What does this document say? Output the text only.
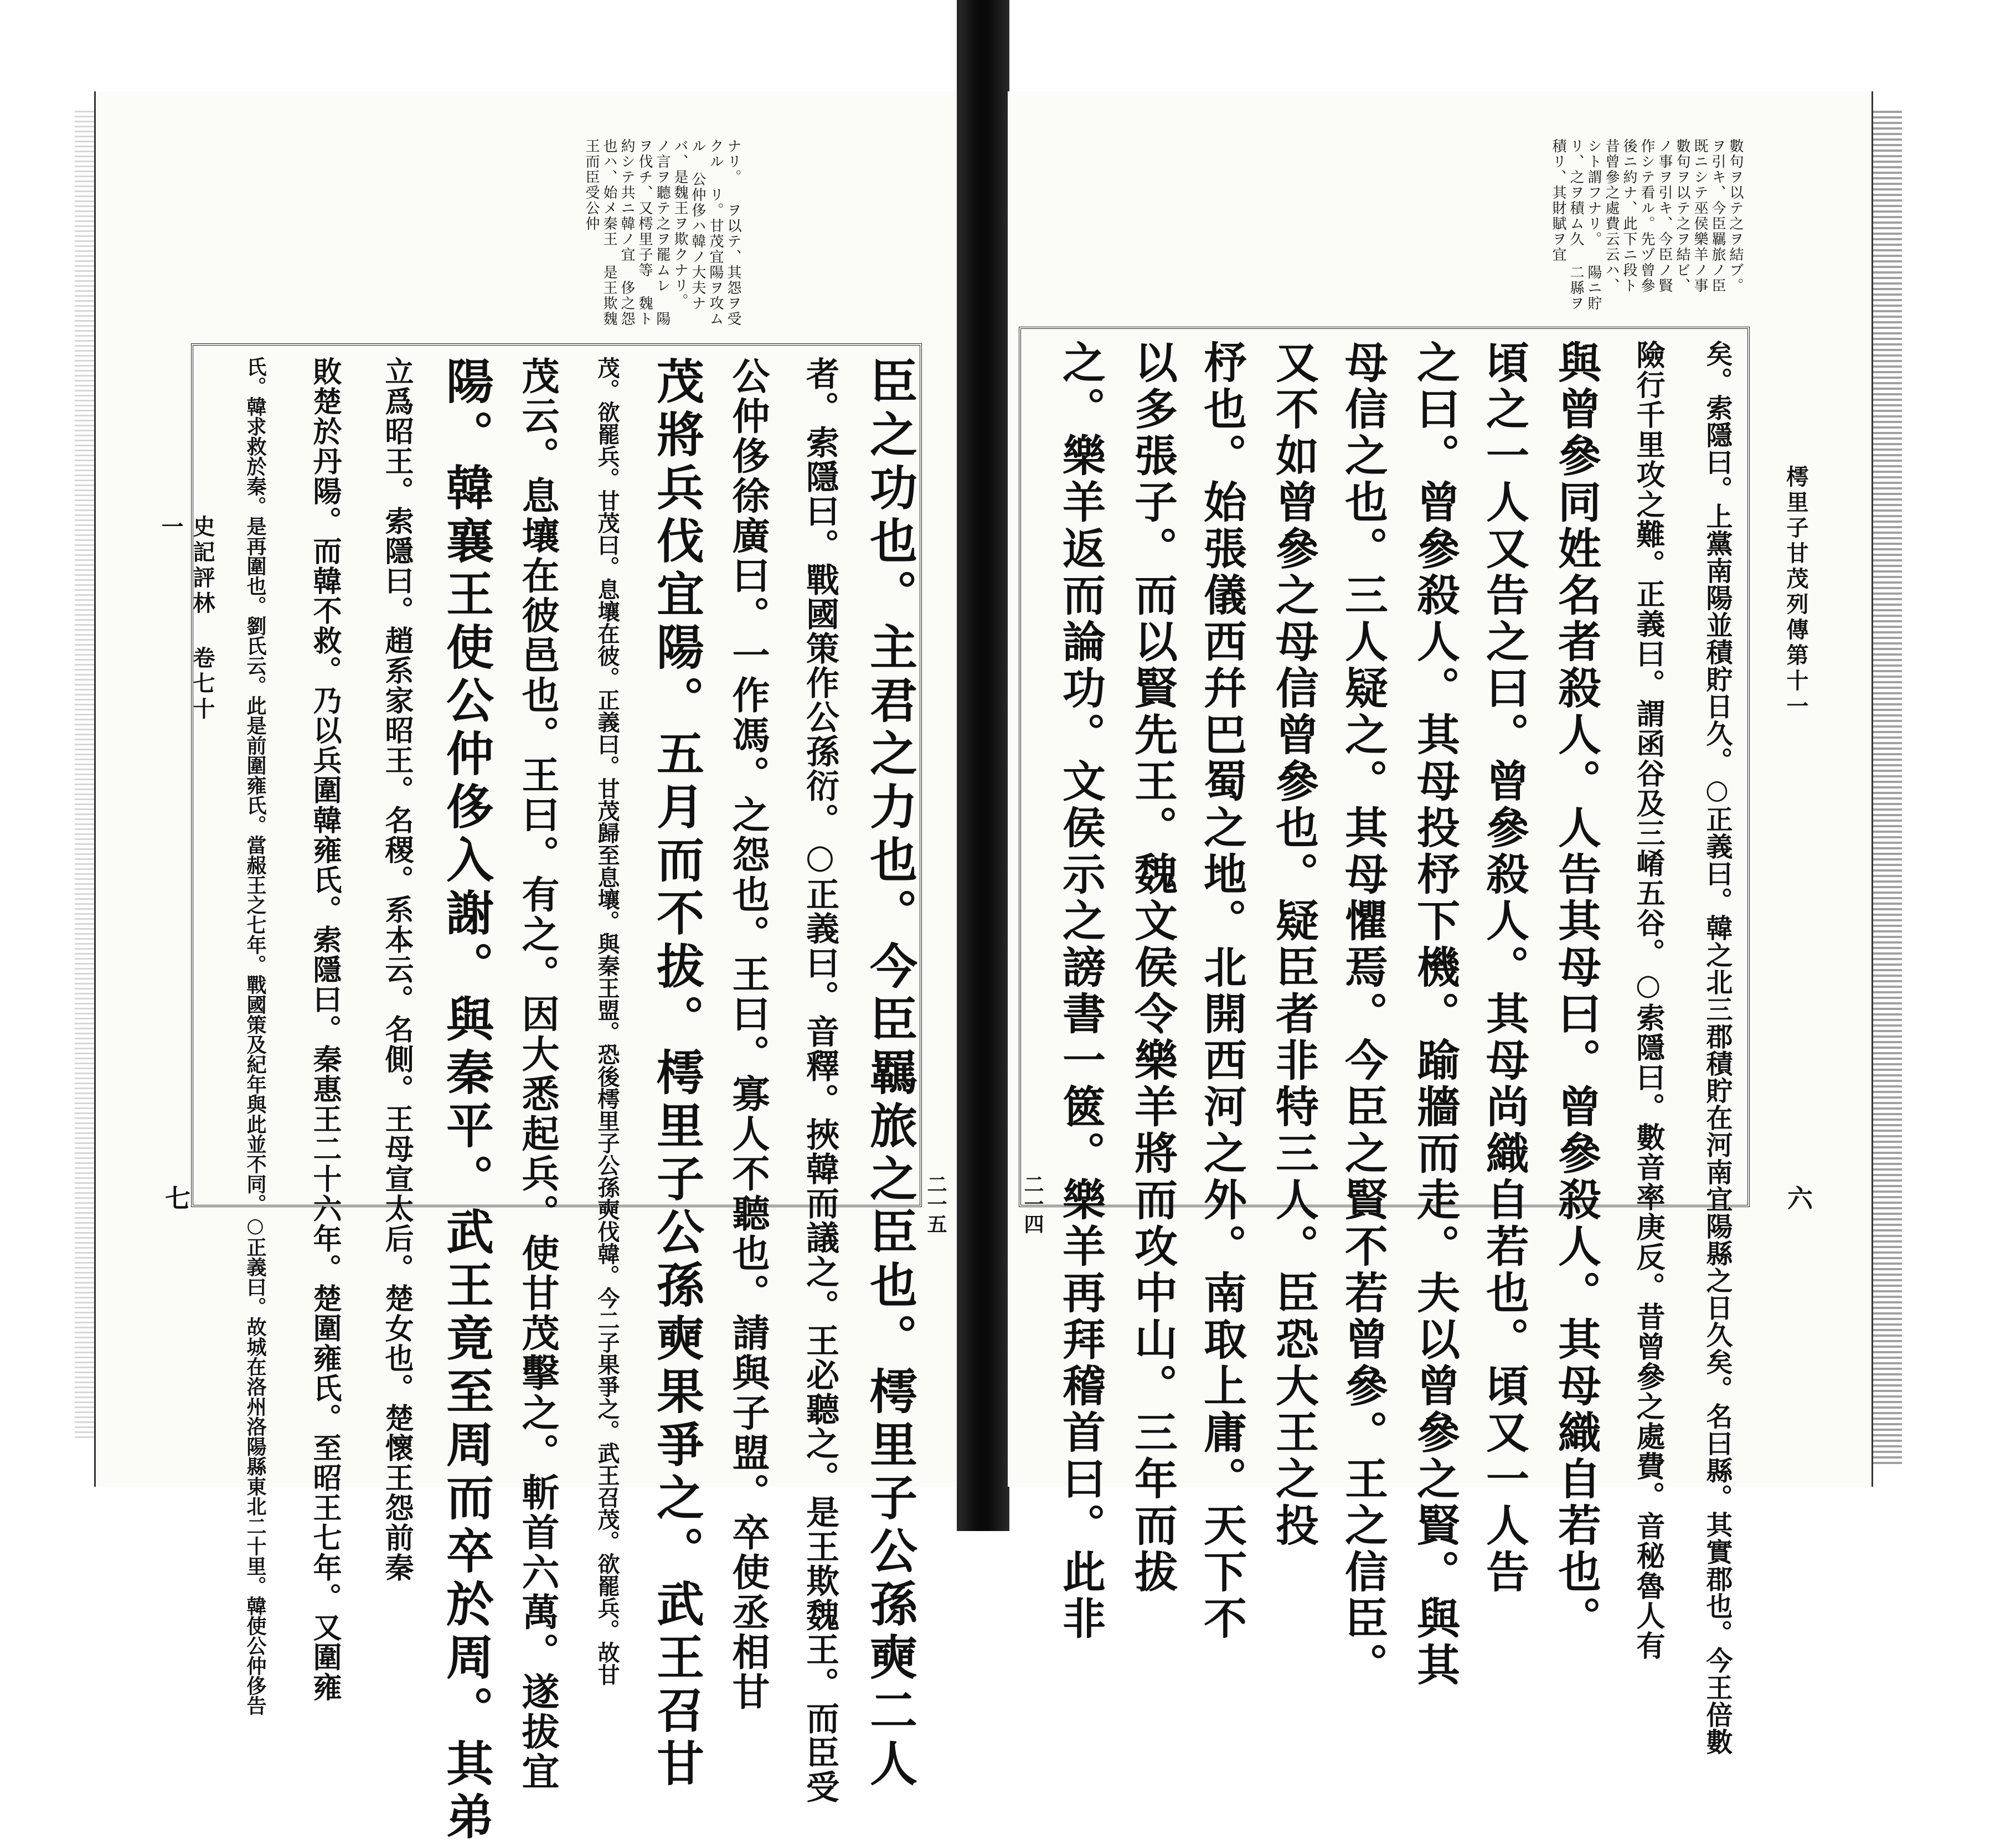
ナリ。 ヲ以テ、其怨ヲ受クル リ。甘茂宜陽ヲ攻ムル 公仲侈ハ韓ノ大夫ナ バ、是魏王ヲ欺クナリ。 ノ言ヲ聽テ之ヲ罷ムレ 陽ヲ伐チ、又樗里子等 魏ト約シテ共ニ韓ノ宜 侈之怨也ハ、始メ秦王 是王欺魏王而臣受公仲
史記評林 卷七十一
七	二一五
臣之功也。主君之力也。今臣羈旅之臣也。樗里子公孫奭二人
者。索隱曰。戰國策作公孫衍。○正義曰。音釋。挾韓而議之。王必聽之。是王欺魏王。而臣受
公仲侈徐廣曰。一作馮。之怨也。王曰。寡人不聽也。請與子盟。卒使丞相甘
茂將兵伐宜陽。五月而不拔。樗里子公孫奭果爭之。武王召甘
茂。欲罷兵。甘茂曰。息壤在彼。正義曰。甘茂歸至息壤。與秦王盟。恐後樗里子公孫奭伐韓。今二子果爭之。武王召茂。欲罷兵。故甘
茂云。息壤在彼邑也。王曰。有之。因大悉起兵。使甘茂擊之。斬首六萬。遂拔宜
陽。韓襄王使公仲侈入謝。與秦平。武王竟至周而卒於周。其弟
立爲昭王。索隱曰。趙系家昭王。名稷。系本云。名側。王母宣太后。楚女也。楚懷王怨前秦
敗楚於丹陽。而韓不救。乃以兵圍韓雍氏。索隱曰。秦惠王二十六年。楚圍雍氏。至昭王七年。又圍雍
氏。韓求救於秦。是再圍也。劉氏云。此是前圍雍氏。當赧王之七年。戰國策及紀年與此並不同。○正義曰。故城在洛州洛陽縣東北二十里。韓使公仲侈告
數句ヲ以テ之ヲ結ブ。 ヲ引キ、今臣羈旅ノ臣 既ニシテ巫侯樂羊ノ事 數句ヲ以テ之ヲ結ビ、 ノ事ヲ引キ、今臣ノ賢 作シテ看ル。先ヅ曾參 後ニ約ナ、此下ニ段ト 昔曾參之處費云云ハ、 シト謂フナリ。 陽ニ貯リ、之ヲ積ム久 二縣ヲ積リ、其財賦ヲ宜
樗里子甘茂列傳第十一
六
二一四	矣。索隱曰。上黨南陽並積貯日久。○正義曰。韓之北三郡積貯在河南宜陽縣之日久矣。名曰縣。其實郡也。今王倍數
險行千里攻之難。正義曰。謂函谷及三崤五谷。○索隱曰。數音率庚反。昔曾參之處費。音秘魯人有
與曾參同姓名者殺人。人告其母曰。曾參殺人。其母織自若也。
頃之一人又告之曰。曾參殺人。其母尚織自若也。頃又一人告
之曰。曾參殺人。其母投杼下機。踰牆而走。夫以曾參之賢。與其
母信之也。三人疑之。其母懼焉。今臣之賢不若曾參。王之信臣。
又不如曾參之母信曾參也。疑臣者非特三人。臣恐大王之投
杼也。始張儀西幷巴蜀之地。北開西河之外。南取上庸。天下不
以多張子。而以賢先王。魏文侯令樂羊將而攻中山。三年而拔
之。樂羊返而論功。文侯示之謗書一篋。樂羊再拜稽首曰。此非
